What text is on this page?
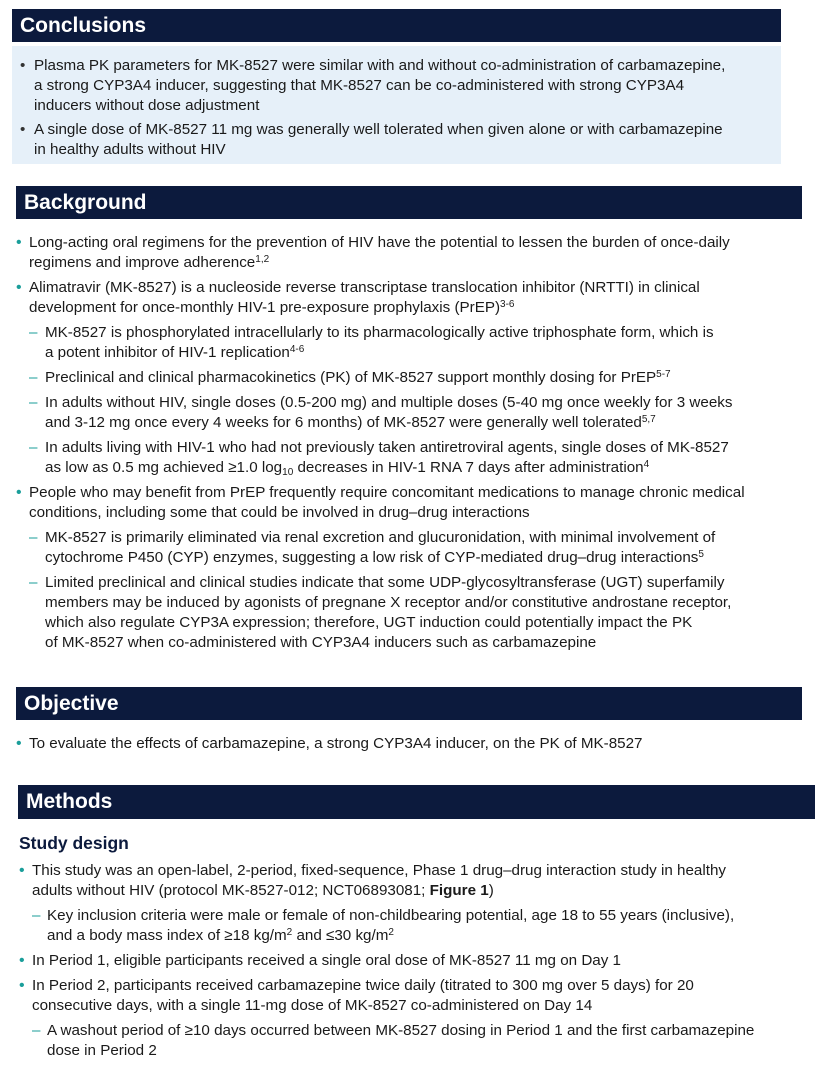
Conclusions
• Plasma PK parameters for MK-8527 were similar with and without co-administration of carbamazepine,
a strong CYP3A4 inducer, suggesting that MK-8527 can be co-administered with strong CYP3A4
inducers without dose adjustment
• A single dose of MK-8527 11 mg was generally well tolerated when given alone or with carbamazepine
in healthy adults without HIV
Background
• Long-acting oral regimens for the prevention of HIV have the potential to lessen the burden of once-daily
regimens and improve adherence$^{1,2}$
• Alimatravir (MK-8527) is a nucleoside reverse transcriptase translocation inhibitor (NRTTI) in clinical
development for once-monthly HIV-1 pre-exposure prophylaxis (PrEP)$^{3-6}$
– MK-8527 is phosphorylated intracellularly to its pharmacologically active triphosphate form, which is
a potent inhibitor of HIV-1 replication$^{4-6}$
– Preclinical and clinical pharmacokinetics (PK) of MK-8527 support monthly dosing for PrEP$^{5-7}$
– In adults without HIV, single doses (0.5-200 mg) and multiple doses (5-40 mg once weekly for 3 weeks
and 3-12 mg once every 4 weeks for 6 months) of MK-8527 were generally well tolerated$^{5,7}$
– In adults living with HIV-1 who had not previously taken antiretroviral agents, single doses of MK-8527
as low as 0.5 mg achieved ≥1.0 $\log_{10}$ decreases in HIV-1 RNA 7 days after administration$^4$
• People who may benefit from PrEP frequently require concomitant medications to manage chronic medical
conditions, including some that could be involved in drug–drug interactions
– MK-8527 is primarily eliminated via renal excretion and glucuronidation, with minimal involvement of
cytochrome P450 (CYP) enzymes, suggesting a low risk of CYP-mediated drug–drug interactions$^5$
– Limited preclinical and clinical studies indicate that some UDP-glycosyltransferase (UGT) superfamily
members may be induced by agonists of pregnane X receptor and/or constitutive androstane receptor,
which also regulate CYP3A expression; therefore, UGT induction could potentially impact the PK
of MK-8527 when co-administered with CYP3A4 inducers such as carbamazepine
Objective
• To evaluate the effects of carbamazepine, a strong CYP3A4 inducer, on the PK of MK-8527
Methods
Study design
• This study was an open-label, 2-period, fixed-sequence, Phase 1 drug–drug interaction study in healthy
adults without HIV (protocol MK-8527-012; NCT06893081; Figure 1)
– Key inclusion criteria were male or female of non-childbearing potential, age 18 to 55 years (inclusive),
and a body mass index of ≥18 $kg/m^2$ and ≤30 $kg/m^2$
• In Period 1, eligible participants received a single oral dose of MK-8527 11 mg on Day 1
• In Period 2, participants received carbamazepine twice daily (titrated to 300 mg over 5 days) for 20
consecutive days, with a single 11-mg dose of MK-8527 co-administered on Day 14
– A washout period of ≥10 days occurred between MK-8527 dosing in Period 1 and the first carbamazepine
dose in Period 2
